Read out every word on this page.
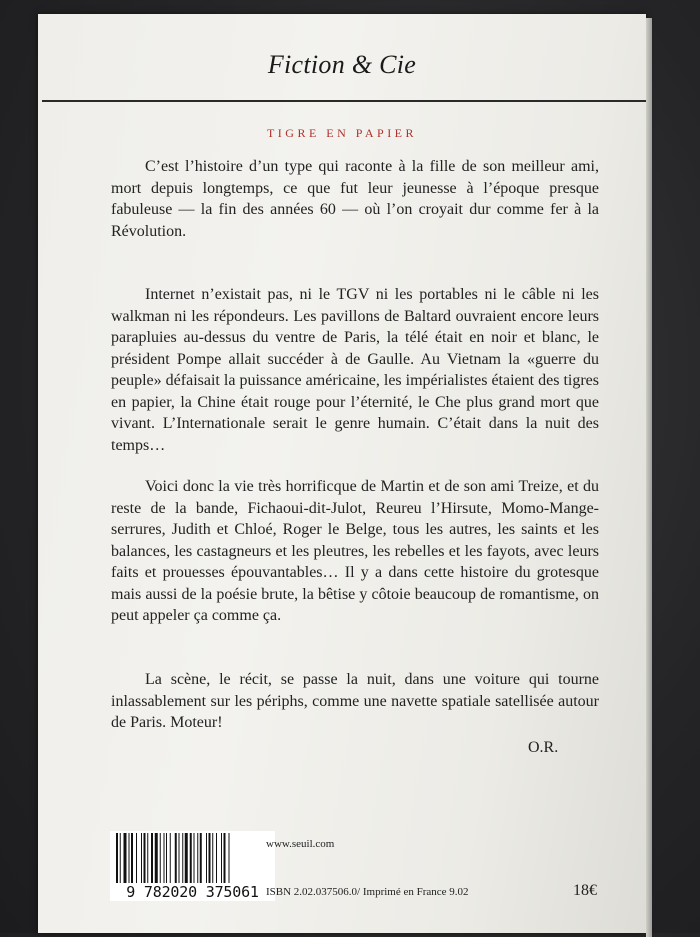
Fiction & Cie
TIGRE EN PAPIER

C’est l’histoire d’un type qui raconte à la fille de son meilleur ami, mort depuis longtemps, ce que fut leur jeunesse à l’époque presque fabuleuse — la fin des années 60 — où l’on croyait dur comme fer à la Révolution.

Internet n’existait pas, ni le TGV ni les portables ni le câble ni les walkman ni les répondeurs. Les pavillons de Baltard ouvraient encore leurs parapluies au-dessus du ventre de Paris, la télé était en noir et blanc, le président Pompe allait succéder à de Gaulle. Au Vietnam la «guerre du peuple» défaisait la puissance américaine, les impérialistes étaient des tigres en papier, la Chine était rouge pour l’éternité, le Che plus grand mort que vivant. L’Internationale serait le genre humain. C’était dans la nuit des temps…

Voici donc la vie très horrificque de Martin et de son ami Treize, et du reste de la bande, Fichaoui-dit-Julot, Reureu l’Hirsute, Momo-Mange-serrures, Judith et Chloé, Roger le Belge, tous les autres, les saints et les balances, les castagneurs et les pleutres, les rebelles et les fayots, avec leurs faits et prouesses épouvantables… Il y a dans cette histoire du grotesque mais aussi de la poésie brute, la bêtise y côtoie beaucoup de romantisme, on peut appeler ça comme ça.

La scène, le récit, se passe la nuit, dans une voiture qui tourne inlassablement sur les périphs, comme une navette spatiale satellisée autour de Paris. Moteur!

O.R.
9 782020 375061
www.seuil.com
ISBN 2.02.037506.0/ Imprimé en France 9.02	18€
